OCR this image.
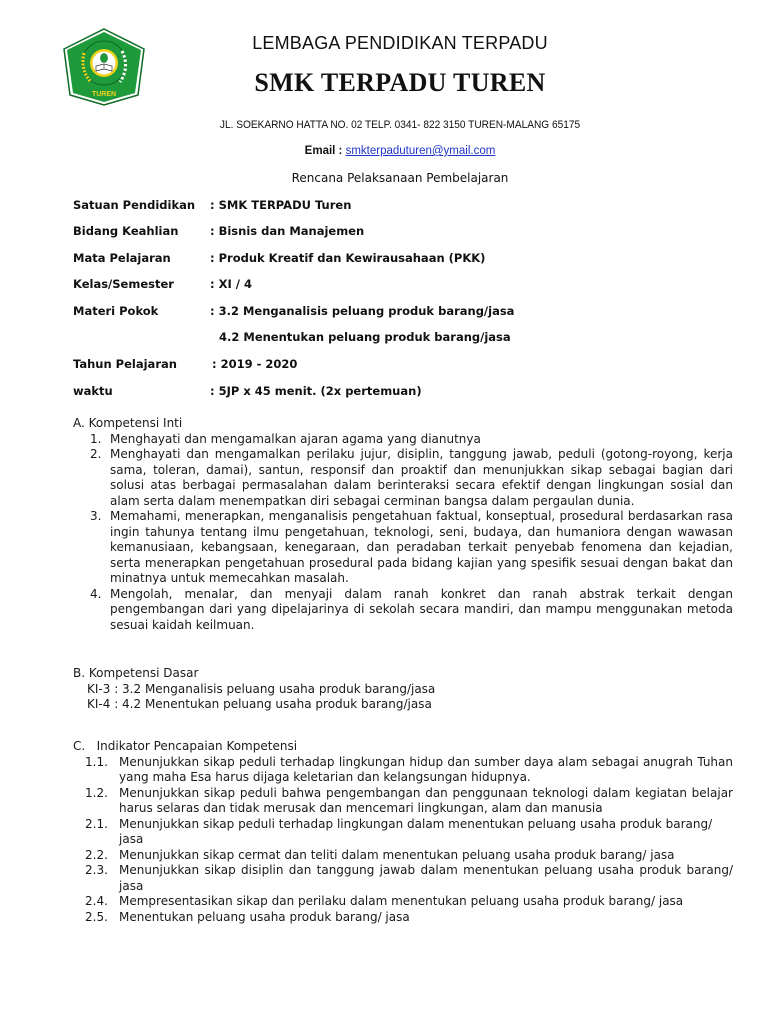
TUREN
LEMBAGA PENDIDIKAN TERPADU
SMK TERPADU TUREN
JL. SOEKARNO HATTA NO. 02 TELP. 0341- 822 3150 TUREN-MALANG 65175
Email : smkterpaduturen@ymail.com
Rencana Pelaksanaan Pembelajaran
Satuan Pendidikan : SMK TERPADU Turen
Bidang Keahlian	: Bisnis dan Manajemen
Mata Pelajaran	: Produk Kreatif dan Kewirausahaan (PKK)
Kelas/Semester	: XI / 4
Materi Pokok	: 3.2 Menganalisis peluang produk barang/jasa
4.2 Menentukan peluang produk barang/jasa
Tahun Pelajaran	: 2019 - 2020
waktu	: 5JP x 45 menit. (2x pertemuan)
A. Kompetensi Inti
1. Menghayati dan mengamalkan ajaran agama yang dianutnya
2. Menghayati dan mengamalkan perilaku jujur, disiplin, tanggung jawab, peduli (gotong-royong, kerja sama, toleran, damai), santun, responsif dan proaktif dan menunjukkan sikap sebagai bagian dari solusi atas berbagai permasalahan dalam berinteraksi secara efektif dengan lingkungan sosial dan alam serta dalam menempatkan diri sebagai cerminan bangsa dalam pergaulan dunia.
3. Memahami, menerapkan, menganalisis pengetahuan faktual, konseptual, prosedural berdasarkan rasa ingin tahunya tentang ilmu pengetahuan, teknologi, seni, budaya, dan humaniora dengan wawasan kemanusiaan, kebangsaan, kenegaraan, dan peradaban terkait penyebab fenomena dan kejadian, serta menerapkan pengetahuan prosedural pada bidang kajian yang spesifik sesuai dengan bakat dan minatnya untuk memecahkan masalah.
4. Mengolah, menalar, dan menyaji dalam ranah konkret dan ranah abstrak terkait dengan pengembangan dari yang dipelajarinya di sekolah secara mandiri, dan mampu menggunakan metoda sesuai kaidah keilmuan.
B. Kompetensi Dasar
KI-3 : 3.2 Menganalisis peluang usaha produk barang/jasa
KI-4 : 4.2 Menentukan peluang usaha produk barang/jasa
C.   Indikator Pencapaian Kompetensi
1.1. Menunjukkan sikap peduli terhadap lingkungan hidup dan sumber daya alam sebagai anugrah Tuhan yang maha Esa harus dijaga keletarian dan kelangsungan hidupnya.
1.2. Menunjukkan sikap peduli bahwa pengembangan dan penggunaan teknologi dalam kegiatan belajar harus selaras dan tidak merusak dan mencemari lingkungan, alam dan manusia
2.1. Menunjukkan sikap peduli terhadap lingkungan dalam menentukan peluang usaha produk barang/ jasa
2.2. Menunjukkan sikap cermat dan teliti dalam menentukan peluang usaha produk barang/ jasa
2.3. Menunjukkan sikap disiplin dan tanggung jawab dalam menentukan peluang usaha produk barang/ jasa
2.4. Mempresentasikan sikap dan perilaku dalam menentukan peluang usaha produk barang/ jasa
2.5. Menentukan peluang usaha produk barang/ jasa
